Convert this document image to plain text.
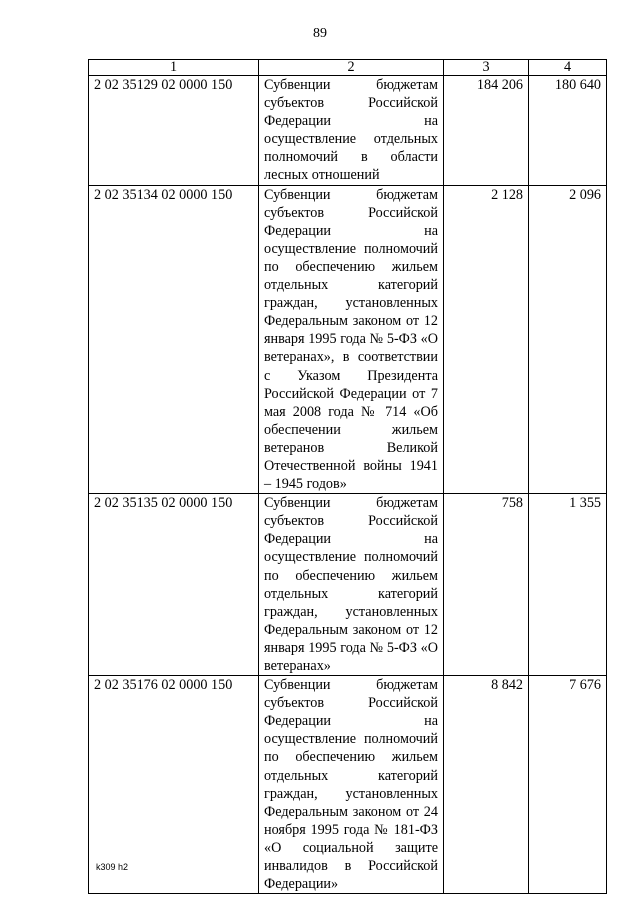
89
1	2	3	4
2 02 35129 02 0000 150	Субвенции бюджетам субъектов Российской Федерации на осуществление отдельных полномочий в области лесных отношений	184 206	180 640
2 02 35134 02 0000 150	Субвенции бюджетам субъектов Российской Федерации на осуществление полномочий по обеспечению жильем отдельных категорий граждан, установленных Федеральным законом от 12 января 1995 года № 5-ФЗ «О ветеранах», в соответствии с Указом Президента Российской Федерации от 7 мая 2008 года № 714 «Об обеспечении жильем ветеранов Великой Отечественной войны 1941 – 1945 годов»	2 128	2 096
2 02 35135 02 0000 150	Субвенции бюджетам субъектов Российской Федерации на осуществление полномочий по обеспечению жильем отдельных категорий граждан, установленных Федеральным законом от 12 января 1995 года № 5-ФЗ «О ветеранах»	758	1 355
2 02 35176 02 0000 150	Субвенции бюджетам субъектов Российской Федерации на осуществление полномочий по обеспечению жильем отдельных категорий граждан, установленных Федеральным законом от 24 ноября 1995 года № 181-ФЗ «О социальной защите инвалидов в Российской Федерации»	8 842	7 676
k309 h2
